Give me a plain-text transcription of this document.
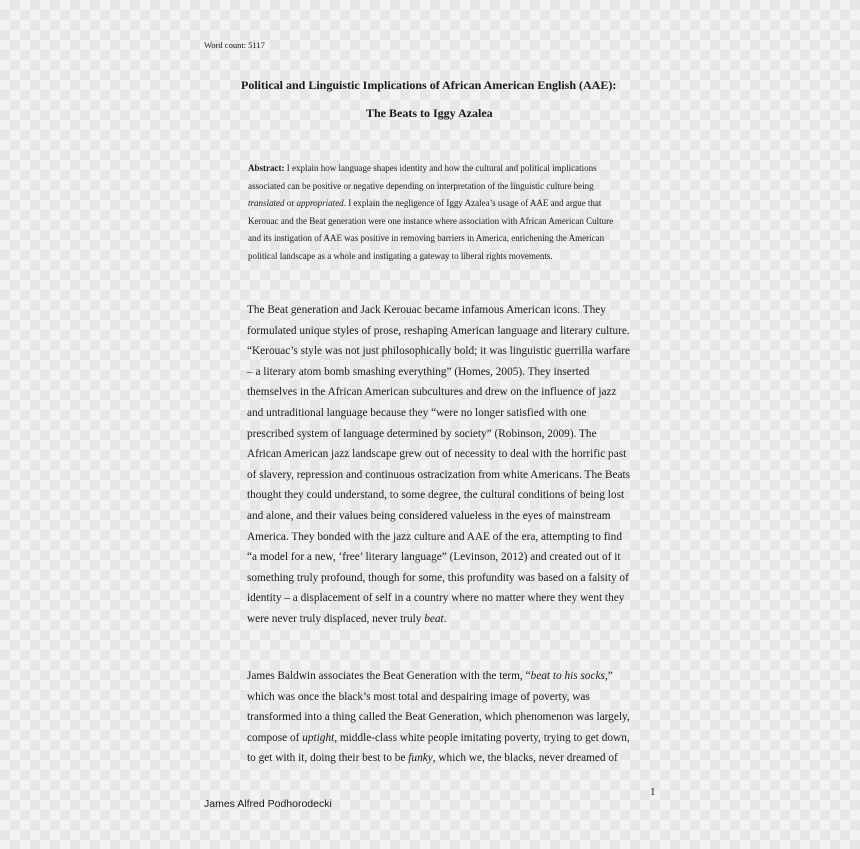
Word count: 5117
Political and Linguistic Implications of African American English (AAE):
The Beats to Iggy Azalea
Abstract: I explain how language shapes identity and how the cultural and political implications
associated can be positive or negative depending on interpretation of the linguistic culture being
translated or appropriated. I explain the negligence of Iggy Azalea’s usage of AAE and argue that
Kerouac and the Beat generation were one instance where association with African American Culture
and its instigation of AAE was positive in removing barriers in America, enrichening the American
political landscape as a whole and instigating a gateway to liberal rights movements.
The Beat generation and Jack Kerouac became infamous American icons. They
formulated unique styles of prose, reshaping American language and literary culture.
“Kerouac’s style was not just philosophically bold; it was linguistic guerrilla warfare
– a literary atom bomb smashing everything” (Homes, 2005). They inserted
themselves in the African American subcultures and drew on the influence of jazz
and untraditional language because they “were no longer satisfied with one
prescribed system of language determined by society” (Robinson, 2009). The
African American jazz landscape grew out of necessity to deal with the horrific past
of slavery, repression and continuous ostracization from white Americans. The Beats
thought they could understand, to some degree, the cultural conditions of being lost
and alone, and their values being considered valueless in the eyes of mainstream
America. They bonded with the jazz culture and AAE of the era, attempting to find
“a model for a new, ‘free’ literary language” (Levinson, 2012) and created out of it
something truly profound, though for some, this profundity was based on a falsity of
identity – a displacement of self in a country where no matter where they went they
were never truly displaced, never truly beat.
James Baldwin associates the Beat Generation with the term, “beat to his socks,”
which was once the black’s most total and despairing image of poverty, was
transformed into a thing called the Beat Generation, which phenomenon was largely,
compose of uptight, middle-class white people imitating poverty, trying to get down,
to get with it, doing their best to be funky, which we, the blacks, never dreamed of
1
James Alfred Podhorodecki
